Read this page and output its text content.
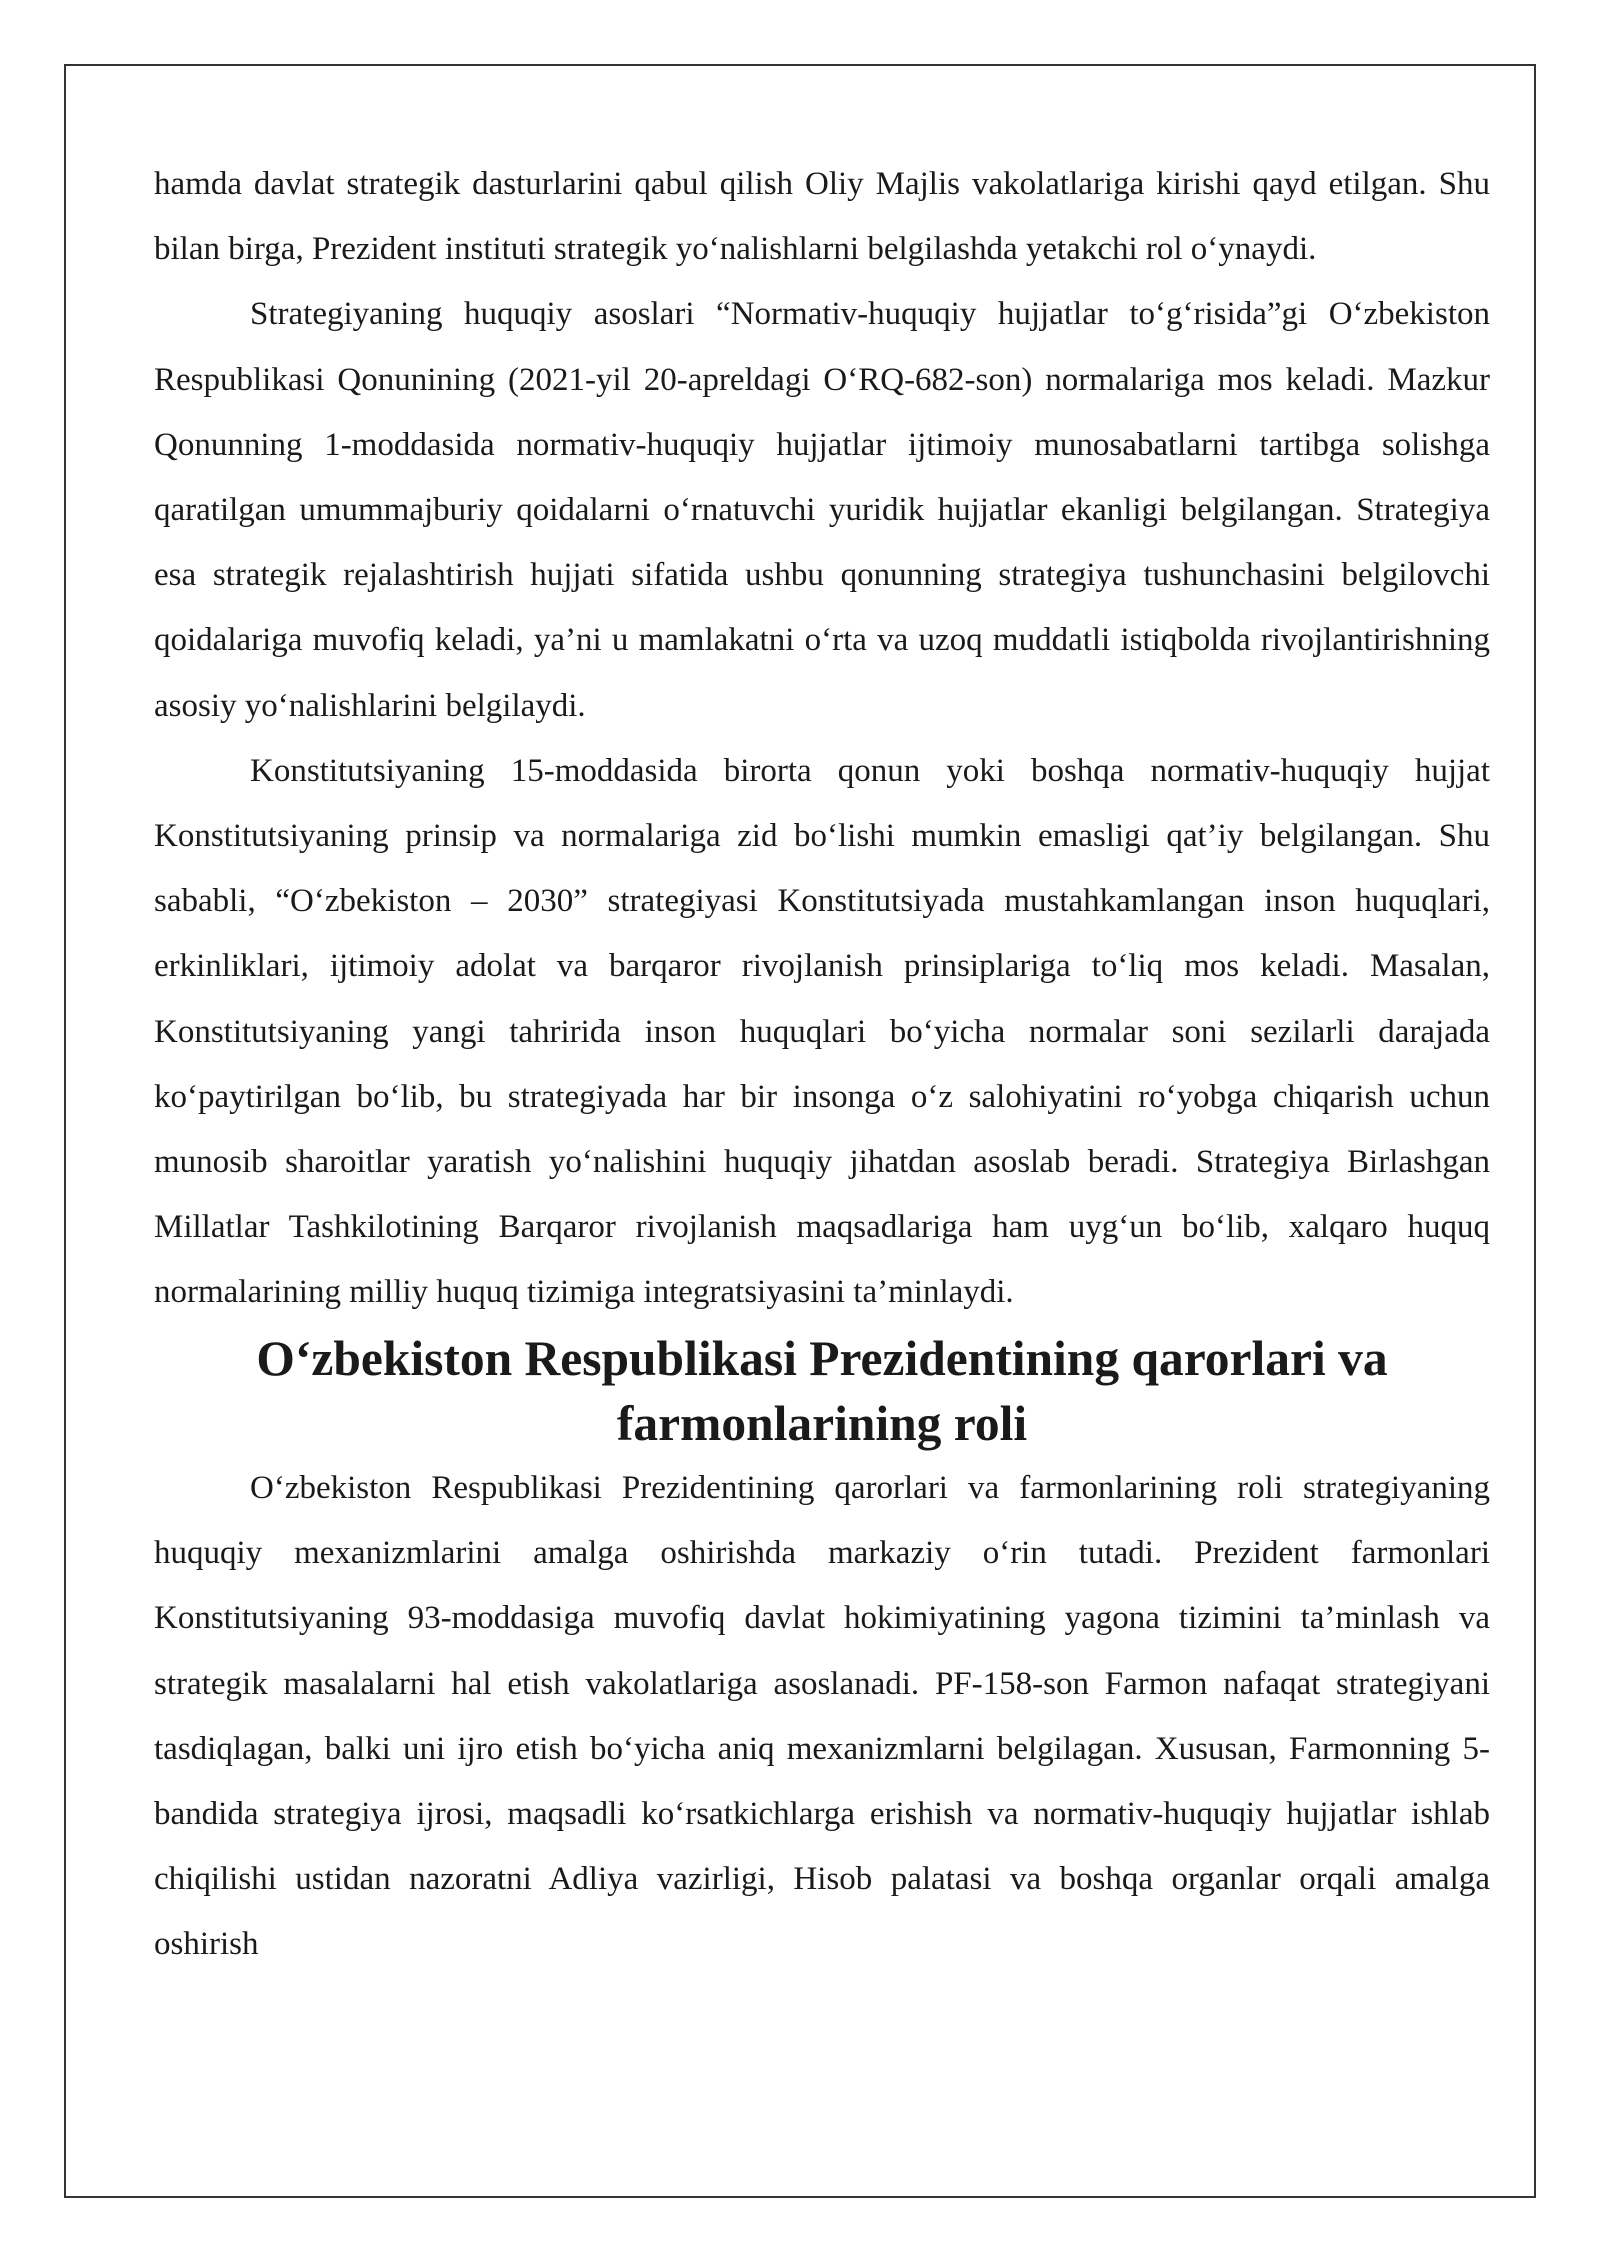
hamda davlat strategik dasturlarini qabul qilish Oliy Majlis vakolatlariga kirishi qayd etilgan. Shu bilan birga, Prezident instituti strategik yo‘nalishlarni belgilashda yetakchi rol o‘ynaydi.

Strategiyaning huquqiy asoslari “Normativ-huquqiy hujjatlar to‘g‘risida”gi O‘zbekiston Respublikasi Qonunining (2021-yil 20-apreldagi O‘RQ-682-son) normalariga mos keladi. Mazkur Qonunning 1-moddasida normativ-huquqiy hujjatlar ijtimoiy munosabatlarni tartibga solishga qaratilgan umummajburiy qoidalarni o‘rnatuvchi yuridik hujjatlar ekanligi belgilangan. Strategiya esa strategik rejalashtirish hujjati sifatida ushbu qonunning strategiya tushunchasini belgilovchi qoidalariga muvofiq keladi, ya’ni u mamlakatni o‘rta va uzoq muddatli istiqbolda rivojlantirishning asosiy yo‘nalishlarini belgilaydi.

Konstitutsiyaning 15-moddasida birorta qonun yoki boshqa normativ-huquqiy hujjat Konstitutsiyaning prinsip va normalariga zid bo‘lishi mumkin emasligi qat’iy belgilangan. Shu sababli, “O‘zbekiston – 2030” strategiyasi Konstitutsiyada mustahkamlangan inson huquqlari, erkinliklari, ijtimoiy adolat va barqaror rivojlanish prinsiplariga to‘liq mos keladi. Masalan, Konstitutsiyaning yangi tahririda inson huquqlari bo‘yicha normalar soni sezilarli darajada ko‘paytirilgan bo‘lib, bu strategiyada har bir insonga o‘z salohiyatini ro‘yobga chiqarish uchun munosib sharoitlar yaratish yo‘nalishini huquqiy jihatdan asoslab beradi. Strategiya Birlashgan Millatlar Tashkilotining Barqaror rivojlanish maqsadlariga ham uyg‘un bo‘lib, xalqaro huquq normalarining milliy huquq tizimiga integratsiyasini ta’minlaydi.

O‘zbekiston Respublikasi Prezidentining qarorlari va farmonlarining roli

O‘zbekiston Respublikasi Prezidentining qarorlari va farmonlarining roli strategiyaning huquqiy mexanizmlarini amalga oshirishda markaziy o‘rin tutadi. Prezident farmonlari Konstitutsiyaning 93-moddasiga muvofiq davlat hokimiyatining yagona tizimini ta’minlash va strategik masalalarni hal etish vakolatlariga asoslanadi. PF-158-son Farmon nafaqat strategiyani tasdiqlagan, balki uni ijro etish bo‘yicha aniq mexanizmlarni belgilagan. Xususan, Farmonning 5-bandida strategiya ijrosi, maqsadli ko‘rsatkichlarga erishish va normativ-huquqiy hujjatlar ishlab chiqilishi ustidan nazoratni Adliya vazirligi, Hisob palatasi va boshqa organlar orqali amalga oshirish
